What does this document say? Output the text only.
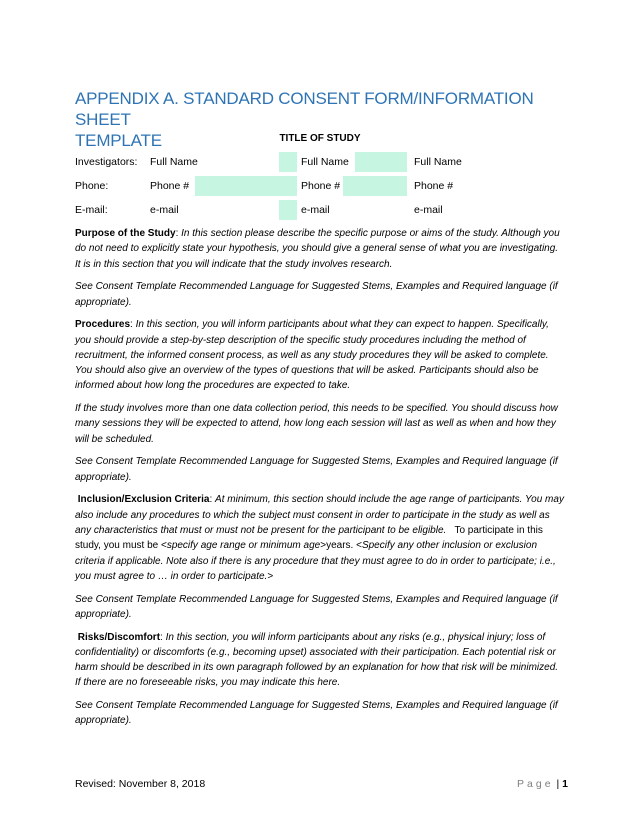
APPENDIX A. STANDARD CONSENT FORM/INFORMATION SHEET
TEMPLATE	TITLE OF STUDY
Investigators: Full Name	Full Name	Full Name
Phone:	Phone #	Phone #	Phone #
E-mail:	e-mail	e-mail	e-mail

Purpose of the Study: In this section please describe the specific purpose or aims of the study. Although you do not need to explicitly state your hypothesis, you should give a general sense of what you are investigating. It is in this section that you will indicate that the study involves research.

See Consent Template Recommended Language for Suggested Stems, Examples and Required language (if appropriate).

Procedures: In this section, you will inform participants about what they can expect to happen. Specifically, you should provide a step-by-step description of the specific study procedures including the method of recruitment, the informed consent process, as well as any study procedures they will be asked to complete. You should also give an overview of the types of questions that will be asked. Participants should also be informed about how long the procedures are expected to take.

If the study involves more than one data collection period, this needs to be specified. You should discuss how many sessions they will be expected to attend, how long each session will last as well as when and how they will be scheduled.

See Consent Template Recommended Language for Suggested Stems, Examples and Required language (if appropriate).

Inclusion/Exclusion Criteria: At minimum, this section should include the age range of participants. You may also include any procedures to which the subject must consent in order to participate in the study as well as any characteristics that must or must not be present for the participant to be eligible. To participate in this study, you must be <specify age range or minimum age>years. <Specify any other inclusion or exclusion criteria if applicable. Note also if there is any procedure that they must agree to do in order to participate; i.e., you must agree to … in order to participate.>

See Consent Template Recommended Language for Suggested Stems, Examples and Required language (if appropriate).

Risks/Discomfort: In this section, you will inform participants about any risks (e.g., physical injury; loss of confidentiality) or discomforts (e.g., becoming upset) associated with their participation. Each potential risk or harm should be described in its own paragraph followed by an explanation for how that risk will be minimized. If there are no foreseeable risks, you may indicate this here.

See Consent Template Recommended Language for Suggested Stems, Examples and Required language (if appropriate).

Revised: November 8, 2018	Page | 1
